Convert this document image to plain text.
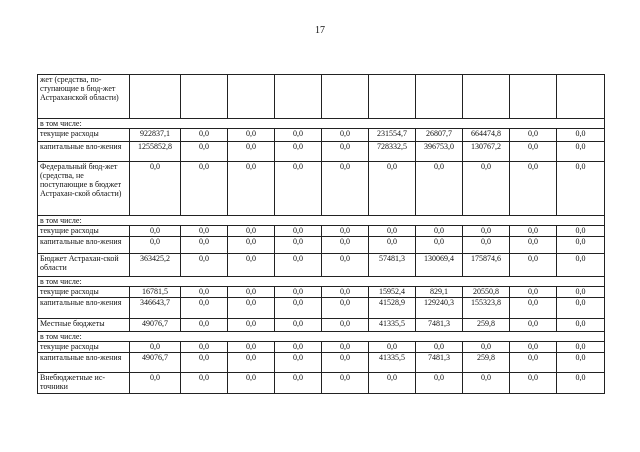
17
жет (средства, по-ступающие в бюд-жет Астраханской области)										
в том числе:										
текущие расходы	922837,1	0,0	0,0	0,0	0,0	231554,7	26807,7	664474,8	0,0	0,0
капитальные вло-жения	1255852,8	0,0	0,0	0,0	0,0	728332,5	396753,0	130767,2	0,0	0,0
Федеральный бюд-жет (средства, не поступающие в бюджет Астрахан-ской области)	0,0	0,0	0,0	0,0	0,0	0,0	0,0	0,0	0,0	0,0
в том числе:										
текущие расходы	0,0	0,0	0,0	0,0	0,0	0,0	0,0	0,0	0,0	0,0
капитальные вло-жения	0,0	0,0	0,0	0,0	0,0	0,0	0,0	0,0	0,0	0,0
Бюджет Астрахан-ской области	363425,2	0,0	0,0	0,0	0,0	57481,3	130069,4	175874,6	0,0	0,0
в том числе:										
текущие расходы	16781,5	0,0	0,0	0,0	0,0	15952,4	829,1	20550,8	0,0	0,0
капитальные вло-жения	346643,7	0,0	0,0	0,0	0,0	41528,9	129240,3	155323,8	0,0	0,0
Местные бюджеты	49076,7	0,0	0,0	0,0	0,0	41335,5	7481,3	259,8	0,0	0,0
в том числе:										
текущие расходы	0,0	0,0	0,0	0,0	0,0	0,0	0,0	0,0	0,0	0,0
капитальные вло-жения	49076,7	0,0	0,0	0,0	0,0	41335,5	7481,3	259,8	0,0	0,0
Внебюджетные ис-точники	0,0	0,0	0,0	0,0	0,0	0,0	0,0	0,0	0,0	0,0
